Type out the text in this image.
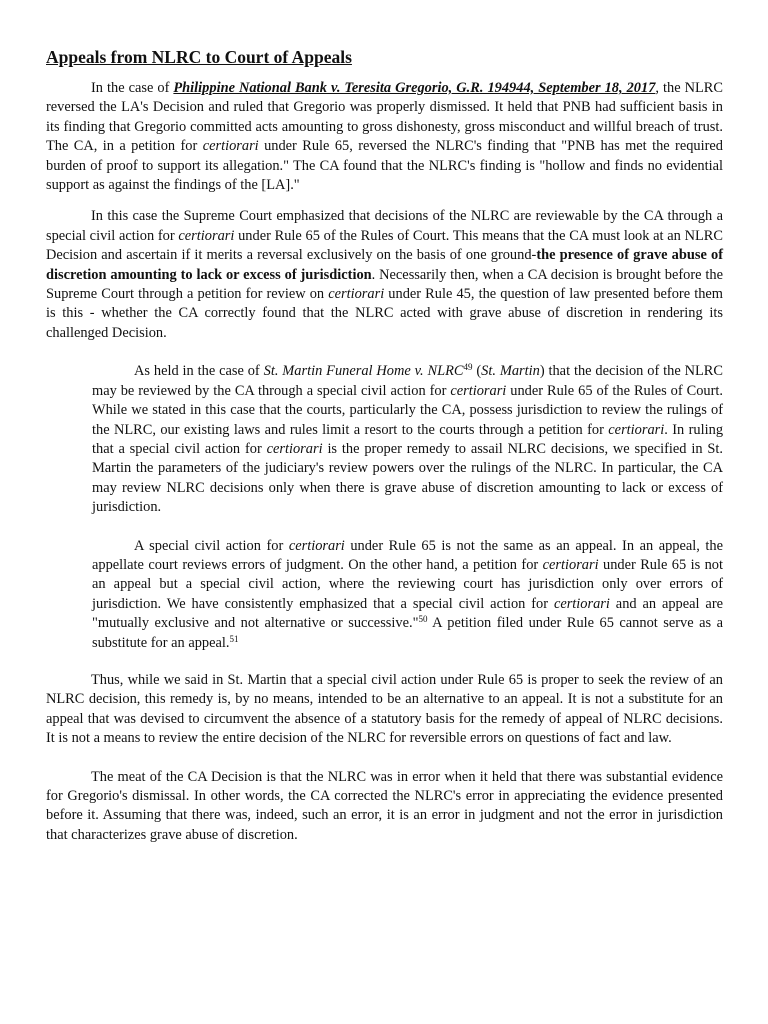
Appeals from NLRC to Court of Appeals

In the case of Philippine National Bank v. Teresita Gregorio, G.R. 194944, September 18, 2017, the NLRC reversed the LA's Decision and ruled that Gregorio was properly dismissed. It held that PNB had sufficient basis in its finding that Gregorio committed acts amounting to gross dishonesty, gross misconduct and willful breach of trust. The CA, in a petition for certiorari under Rule 65, reversed the NLRC's finding that "PNB has met the required burden of proof to support its allegation." The CA found that the NLRC's finding is "hollow and finds no evidential support as against the findings of the [LA]."

In this case the Supreme Court emphasized that decisions of the NLRC are reviewable by the CA through a special civil action for certiorari under Rule 65 of the Rules of Court. This means that the CA must look at an NLRC Decision and ascertain if it merits a reversal exclusively on the basis of one ground-the presence of grave abuse of discretion amounting to lack or excess of jurisdiction. Necessarily then, when a CA decision is brought before the Supreme Court through a petition for review on certiorari under Rule 45, the question of law presented before them is this - whether the CA correctly found that the NLRC acted with grave abuse of discretion in rendering its challenged Decision.

As held in the case of St. Martin Funeral Home v. NLRC$^{49}$ (St. Martin) that the decision of the NLRC may be reviewed by the CA through a special civil action for certiorari under Rule 65 of the Rules of Court. While we stated in this case that the courts, particularly the CA, possess jurisdiction to review the rulings of the NLRC, our existing laws and rules limit a resort to the courts through a petition for certiorari. In ruling that a special civil action for certiorari is the proper remedy to assail NLRC decisions, we specified in St. Martin the parameters of the judiciary's review powers over the rulings of the NLRC. In particular, the CA may review NLRC decisions only when there is grave abuse of discretion amounting to lack or excess of jurisdiction.

A special civil action for certiorari under Rule 65 is not the same as an appeal. In an appeal, the appellate court reviews errors of judgment. On the other hand, a petition for certiorari under Rule 65 is not an appeal but a special civil action, where the reviewing court has jurisdiction only over errors of jurisdiction. We have consistently emphasized that a special civil action for certiorari and an appeal are "mutually exclusive and not alternative or successive."$^{50}$ A petition filed under Rule 65 cannot serve as a substitute for an appeal.$^{51}$

Thus, while we said in St. Martin that a special civil action under Rule 65 is proper to seek the review of an NLRC decision, this remedy is, by no means, intended to be an alternative to an appeal. It is not a substitute for an appeal that was devised to circumvent the absence of a statutory basis for the remedy of appeal of NLRC decisions. It is not a means to review the entire decision of the NLRC for reversible errors on questions of fact and law.

The meat of the CA Decision is that the NLRC was in error when it held that there was substantial evidence for Gregorio's dismissal. In other words, the CA corrected the NLRC's error in appreciating the evidence presented before it. Assuming that there was, indeed, such an error, it is an error in judgment and not the error in jurisdiction that characterizes grave abuse of discretion.
